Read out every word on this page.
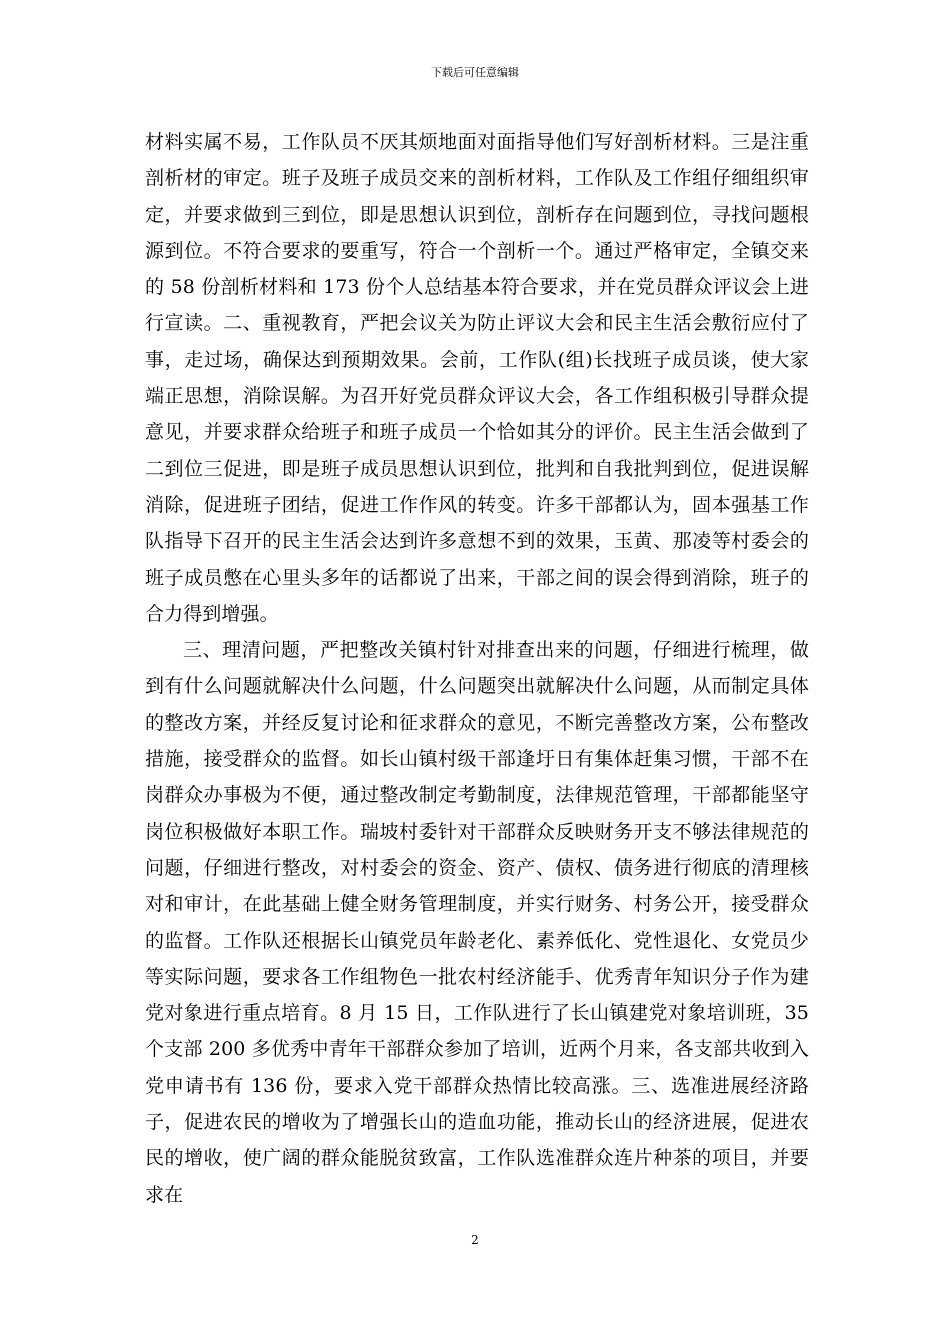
下载后可任意编辑

材料实属不易，工作队员不厌其烦地面对面指导他们写好剖析材料。三是注重剖析材的审定。班子及班子成员交来的剖析材料，工作队及工作组仔细组织审定，并要求做到三到位，即是思想认识到位，剖析存在问题到位，寻找问题根源到位。不符合要求的要重写，符合一个剖析一个。通过严格审定，全镇交来的 58 份剖析材料和 173 份个人总结基本符合要求，并在党员群众评议会上进行宣读。二、重视教育，严把会议关为防止评议大会和民主生活会敷衍应付了事，走过场，确保达到预期效果。会前，工作队(组)长找班子成员谈，使大家端正思想，消除误解。为召开好党员群众评议大会，各工作组积极引导群众提意见，并要求群众给班子和班子成员一个恰如其分的评价。民主生活会做到了二到位三促进，即是班子成员思想认识到位，批判和自我批判到位，促进误解消除，促进班子团结，促进工作作风的转变。许多干部都认为，固本强基工作队指导下召开的民主生活会达到许多意想不到的效果，玉黄、那凌等村委会的班子成员憋在心里头多年的话都说了出来，干部之间的误会得到消除，班子的合力得到增强。

三、理清问题，严把整改关镇村针对排查出来的问题，仔细进行梳理，做到有什么问题就解决什么问题，什么问题突出就解决什么问题，从而制定具体的整改方案，并经反复讨论和征求群众的意见，不断完善整改方案，公布整改措施，接受群众的监督。如长山镇村级干部逢圩日有集体赶集习惯，干部不在岗群众办事极为不便，通过整改制定考勤制度，法律规范管理，干部都能坚守岗位积极做好本职工作。瑞坡村委针对干部群众反映财务开支不够法律规范的问题，仔细进行整改，对村委会的资金、资产、债权、债务进行彻底的清理核对和审计，在此基础上健全财务管理制度，并实行财务、村务公开，接受群众的监督。工作队还根据长山镇党员年龄老化、素养低化、党性退化、女党员少等实际问题，要求各工作组物色一批农村经济能手、优秀青年知识分子作为建党对象进行重点培育。8 月 15 日，工作队进行了长山镇建党对象培训班，35 个支部 200 多优秀中青年干部群众参加了培训，近两个月来，各支部共收到入党申请书有 136 份，要求入党干部群众热情比较高涨。三、选准进展经济路子，促进农民的增收为了增强长山的造血功能，推动长山的经济进展，促进农民的增收，使广阔的群众能脱贫致富，工作队选准群众连片种茶的项目，并要求在

2
